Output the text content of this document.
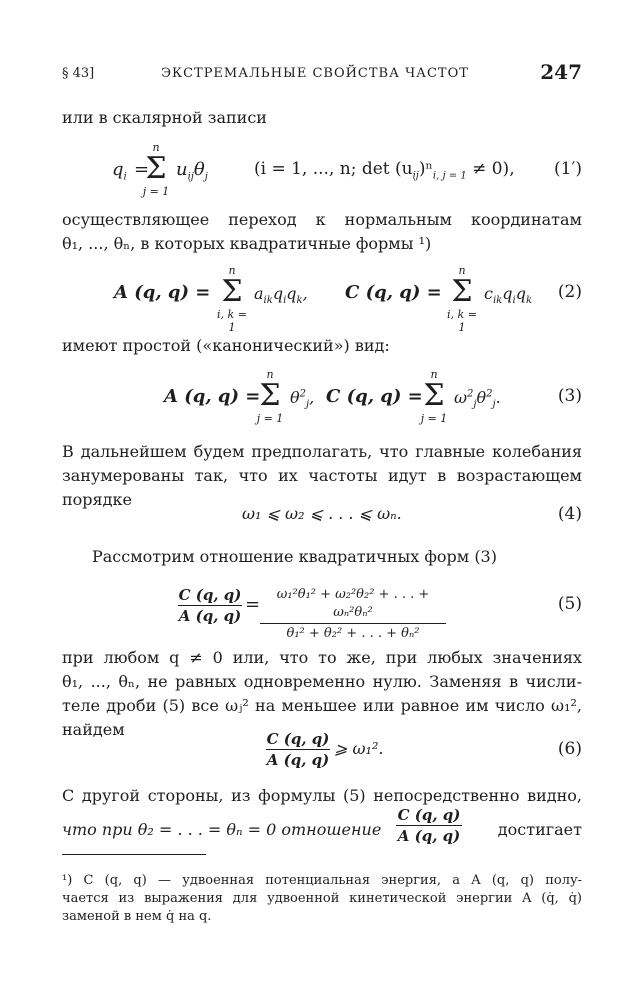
§ 43]	ЭКСТРЕМАЛЬНЫЕ СВОЙСТВА ЧАСТОТ	247
или в скалярной записи
$q_i$ =
n
Σ
j = 1
$u_{ij}\theta_j$	(i = 1, ..., n; $\det (u_{ij})^n_{i, j = 1} \ne 0$), (1′)
осуществляющее переход к нормальным координатам
θ₁, ..., θₙ, в которых квадратичные формы ¹)
A (q, q) =
n
Σ
i, k = 1
$a_{ik}q_iq_k$, C (q, q) =
n
Σ
i, k = 1
$c_{ik}q_iq_k$ (2)
имеют простой («канонический») вид:
A (q, q) =
n
Σ
j = 1
$\theta^2_j$, C (q, q) =
n
Σ
j = 1
$\omega^2_j\theta^2_j$.	(3)
В дальнейшем будем предполагать, что главные колебания
занумерованы так, что их частоты идут в возрастающем
порядке
ω₁ ⩽ ω₂ ⩽ . . . ⩽ ωₙ.	(4)
Рассмотрим отношение квадратичных форм (3)
C (q, q)
A (q, q)
=	ω₁²θ₁² + ω₂²θ₂² + . . . + ωₙ²θₙ²
θ₁² + θ₂² + . . . + θₙ²
(5)
при любом q ≠ 0 или, что то же, при любых значениях
θ₁, ..., θₙ, не равных одновременно нулю. Заменяя в числи-
теле дроби (5) все ωⱼ² на меньшее или равное им число ω₁²,
найдем	C (q, q)
A (q, q)
⩾ ω₁².	(6)
С другой стороны, из формулы (5) непосредственно видно,
что при θ₂ = . . . = θₙ = 0 отношение
C (q, q)
A (q, q) достигает
¹) C (q, q) — удвоенная потенциальная энергия, а A (q, q) полу-
чается из выражения для удвоенной кинетической энергии A (q̇, q̇)
заменой в нем q̇ на q.
